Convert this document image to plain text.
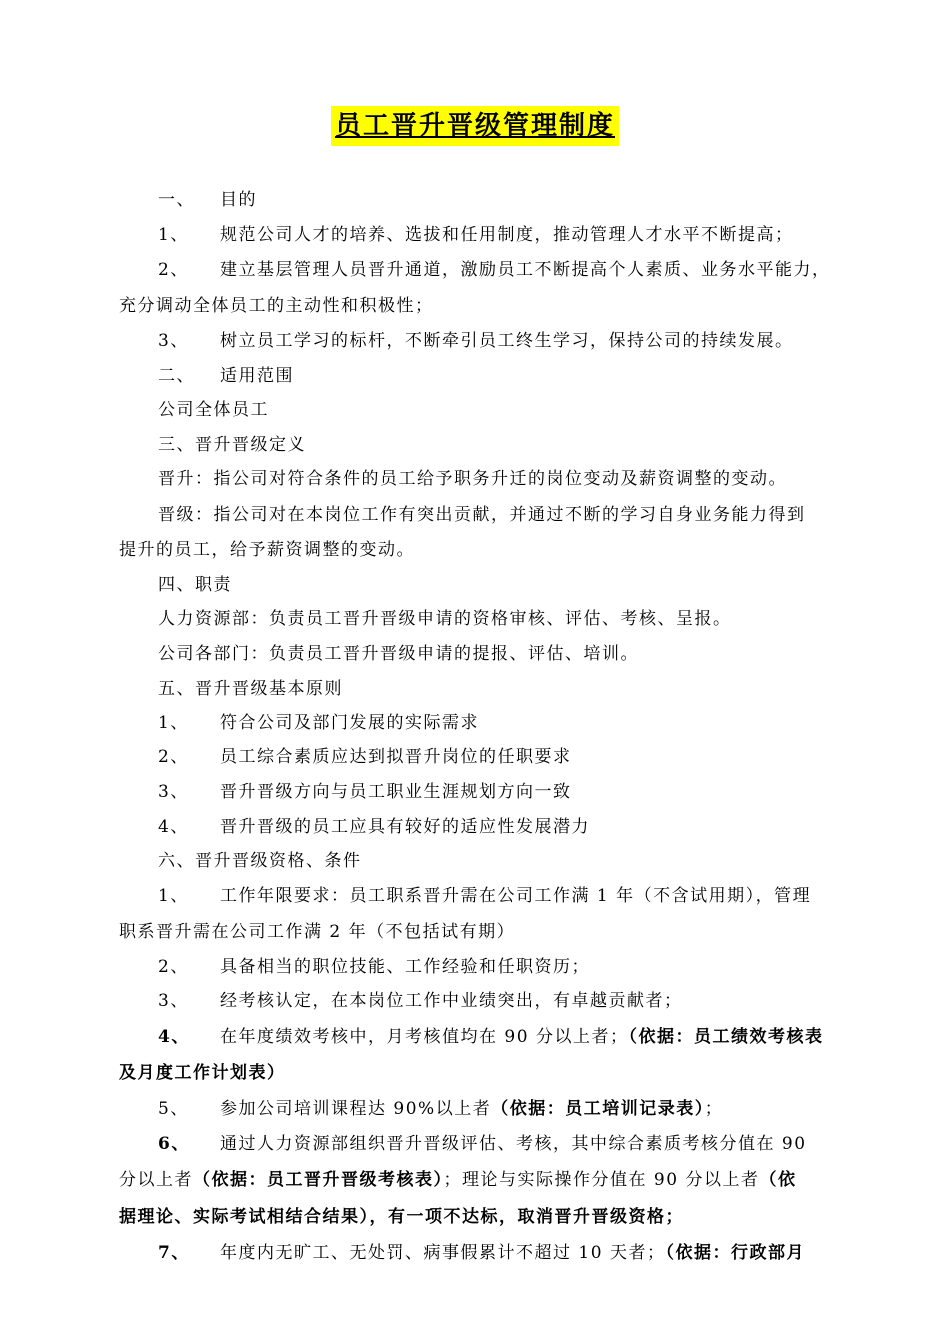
员工晋升晋级管理制度
一、 目的
1、 规范公司人才的培养、选拔和任用制度，推动管理人才水平不断提高；
2、 建立基层管理人员晋升通道，激励员工不断提高个人素质、业务水平能力，
充分调动全体员工的主动性和积极性；
3、 树立员工学习的标杆，不断牵引员工终生学习，保持公司的持续发展。
二、 适用范围
公司全体员工
三、晋升晋级定义
晋升：指公司对符合条件的员工给予职务升迁的岗位变动及薪资调整的变动。
晋级：指公司对在本岗位工作有突出贡献，并通过不断的学习自身业务能力得到
提升的员工，给予薪资调整的变动。
四、职责
人力资源部：负责员工晋升晋级申请的资格审核、评估、考核、呈报。
公司各部门：负责员工晋升晋级申请的提报、评估、培训。
五、晋升晋级基本原则
1、 符合公司及部门发展的实际需求
2、 员工综合素质应达到拟晋升岗位的任职要求
3、 晋升晋级方向与员工职业生涯规划方向一致
4、 晋升晋级的员工应具有较好的适应性发展潜力
六、晋升晋级资格、条件
1、 工作年限要求：员工职系晋升需在公司工作满 1 年（不含试用期），管理
职系晋升需在公司工作满 2 年（不包括试有期）
2、 具备相当的职位技能、工作经验和任职资历；
3、 经考核认定，在本岗位工作中业绩突出，有卓越贡献者；
4、 在年度绩效考核中，月考核值均在 90 分以上者；（依据：员工绩效考核表
及月度工作计划表）
5、 参加公司培训课程达 90%以上者（依据：员工培训记录表）；
6、 通过人力资源部组织晋升晋级评估、考核，其中综合素质考核分值在 90
分以上者（依据：员工晋升晋级考核表）；理论与实际操作分值在 90 分以上者（依
据理论、实际考试相结合结果），有一项不达标，取消晋升晋级资格；
7、 年度内无旷工、无处罚、病事假累计不超过 10 天者；（依据：行政部月
